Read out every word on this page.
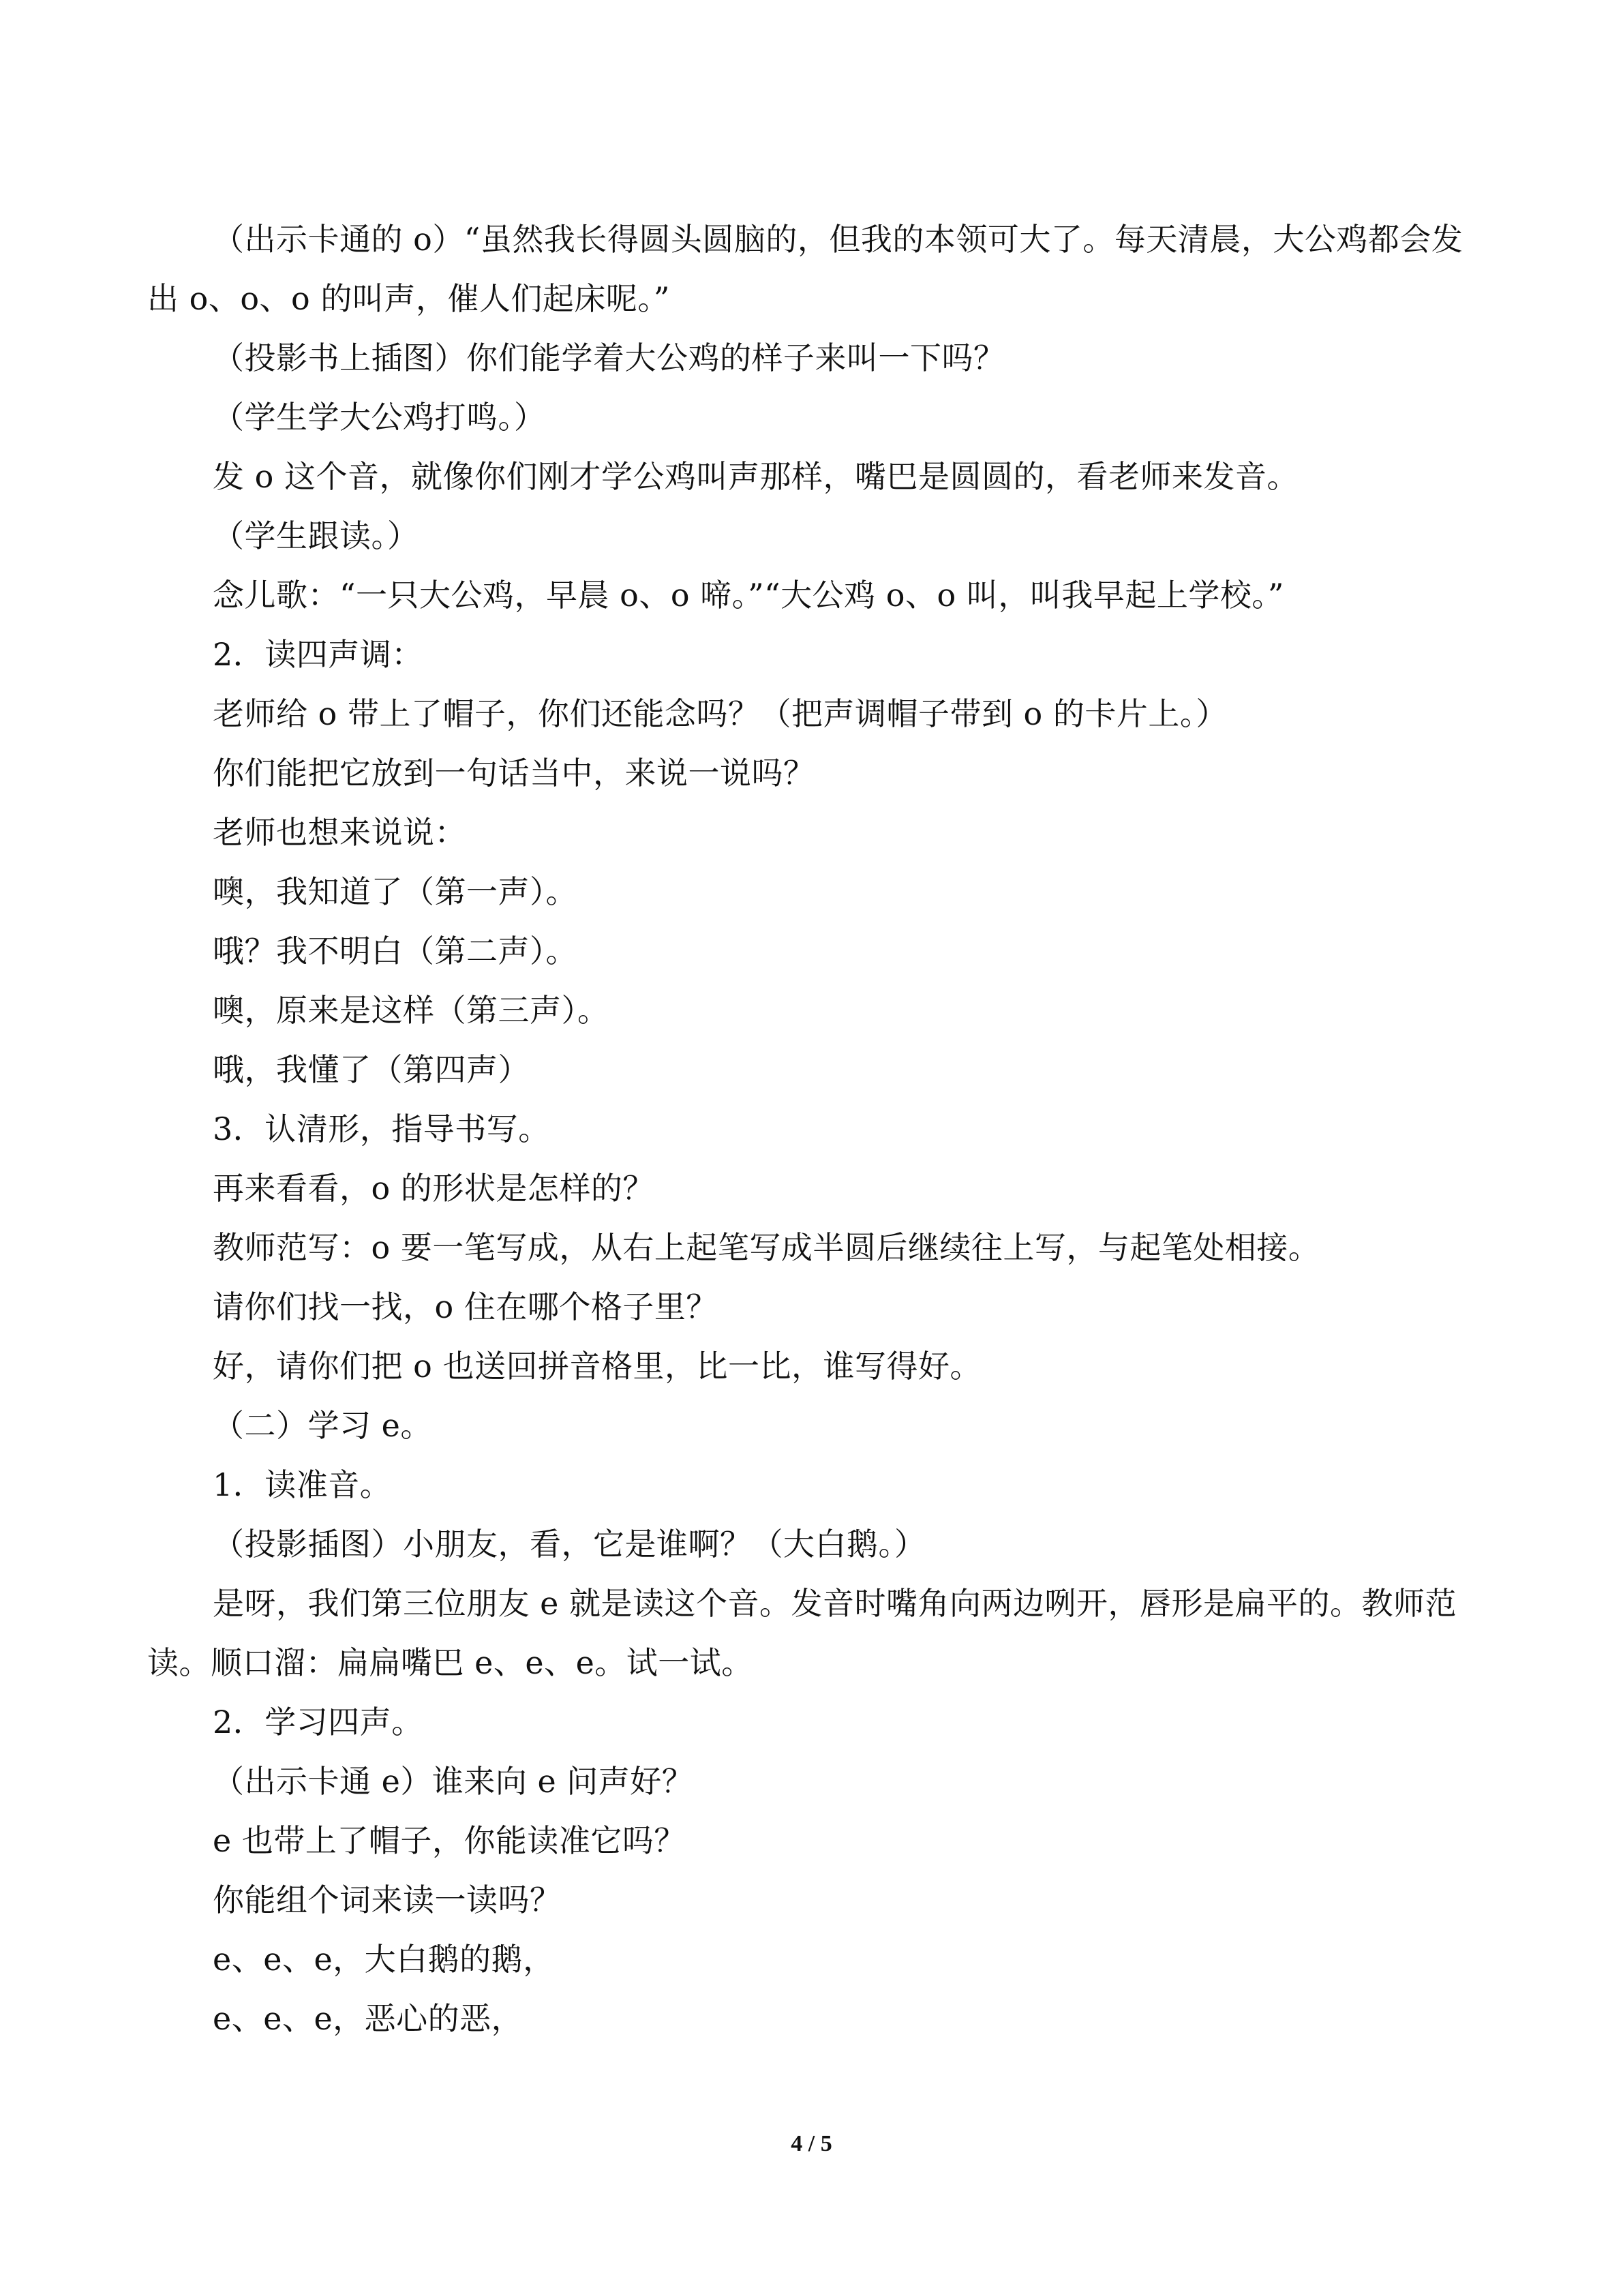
（出示卡通的 o）“虽然我长得圆头圆脑的，但我的本领可大了。每天清晨，大公鸡都会发出 o、o、o 的叫声，催人们起床呢。”

（投影书上插图）你们能学着大公鸡的样子来叫一下吗？

（学生学大公鸡打鸣。）

发 o 这个音，就像你们刚才学公鸡叫声那样，嘴巴是圆圆的，看老师来发音。

（学生跟读。）

念儿歌：“一只大公鸡，早晨 o、o 啼。”“大公鸡 o、o 叫，叫我早起上学校。”

2．读四声调：

老师给 o 带上了帽子，你们还能念吗？（把声调帽子带到 o 的卡片上。）

你们能把它放到一句话当中，来说一说吗？

老师也想来说说：

噢，我知道了（第一声）。

哦？我不明白（第二声）。

噢，原来是这样（第三声）。

哦，我懂了（第四声）

3．认清形，指导书写。

再来看看，o 的形状是怎样的？

教师范写：o 要一笔写成，从右上起笔写成半圆后继续往上写，与起笔处相接。

请你们找一找，o 住在哪个格子里？

好，请你们把 o 也送回拼音格里，比一比，谁写得好。

（二）学习 e。

1．读准音。

（投影插图）小朋友，看，它是谁啊？（大白鹅。）

是呀，我们第三位朋友 e 就是读这个音。发音时嘴角向两边咧开，唇形是扁平的。教师范读。顺口溜：扁扁嘴巴 e、e、e。试一试。

2．学习四声。

（出示卡通 e）谁来向 e 问声好？

e 也带上了帽子，你能读准它吗？

你能组个词来读一读吗？

e、e、e，大白鹅的鹅，

e、e、e，恶心的恶，

4 / 5
